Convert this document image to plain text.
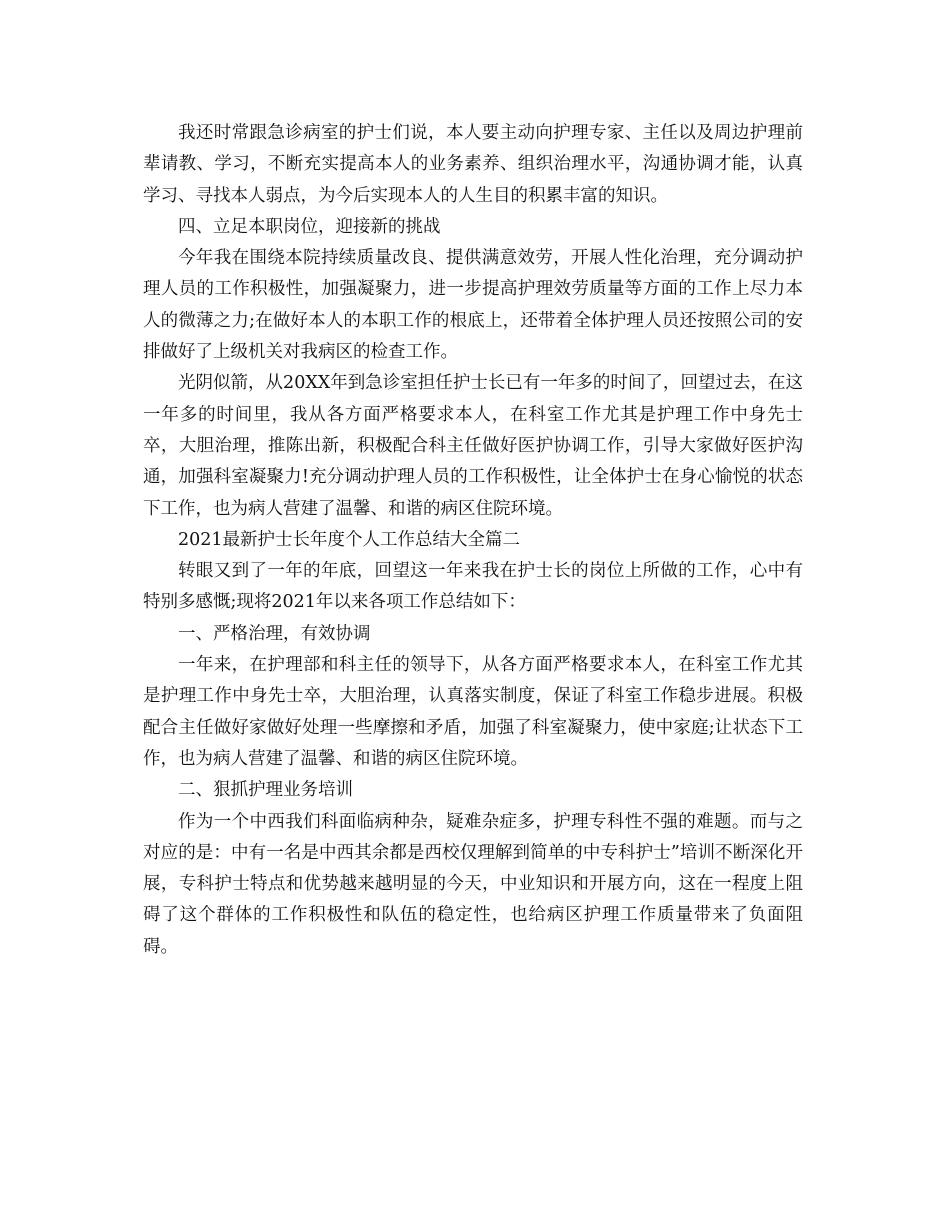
我还时常跟急诊病室的护士们说，本人要主动向护理专家、主任以及周边护理前辈请教、学习，不断充实提高本人的业务素养、组织治理水平，沟通协调才能，认真学习、寻找本人弱点，为今后实现本人的人生目的积累丰富的知识。

四、立足本职岗位，迎接新的挑战

今年我在围绕本院持续质量改良、提供满意效劳，开展人性化治理，充分调动护理人员的工作积极性，加强凝聚力，进一步提高护理效劳质量等方面的工作上尽力本人的微薄之力;在做好本人的本职工作的根底上，还带着全体护理人员还按照公司的安排做好了上级机关对我病区的检查工作。

光阴似箭，从20XX年到急诊室担任护士长已有一年多的时间了，回望过去，在这一年多的时间里，我从各方面严格要求本人，在科室工作尤其是护理工作中身先士卒，大胆治理，推陈出新，积极配合科主任做好医护协调工作，引导大家做好医护沟通，加强科室凝聚力!充分调动护理人员的工作积极性，让全体护士在身心愉悦的状态下工作，也为病人营建了温馨、和谐的病区住院环境。

2021最新护士长年度个人工作总结大全篇二

转眼又到了一年的年底，回望这一年来我在护士长的岗位上所做的工作，心中有特别多感慨;现将2021年以来各项工作总结如下：

一、严格治理，有效协调

一年来，在护理部和科主任的领导下，从各方面严格要求本人，在科室工作尤其是护理工作中身先士卒，大胆治理，认真落实制度，保证了科室工作稳步进展。积极配合主任做好家做好处理一些摩擦和矛盾，加强了科室凝聚力，使中家庭;让状态下工作，也为病人营建了温馨、和谐的病区住院环境。

二、狠抓护理业务培训

作为一个中西我们科面临病种杂，疑难杂症多，护理专科性不强的难题。而与之对应的是：中有一名是中西其余都是西校仅理解到简单的中专科护士”培训不断深化开展，专科护士特点和优势越来越明显的今天，中业知识和开展方向，这在一程度上阻碍了这个群体的工作积极性和队伍的稳定性，也给病区护理工作质量带来了负面阻碍。
